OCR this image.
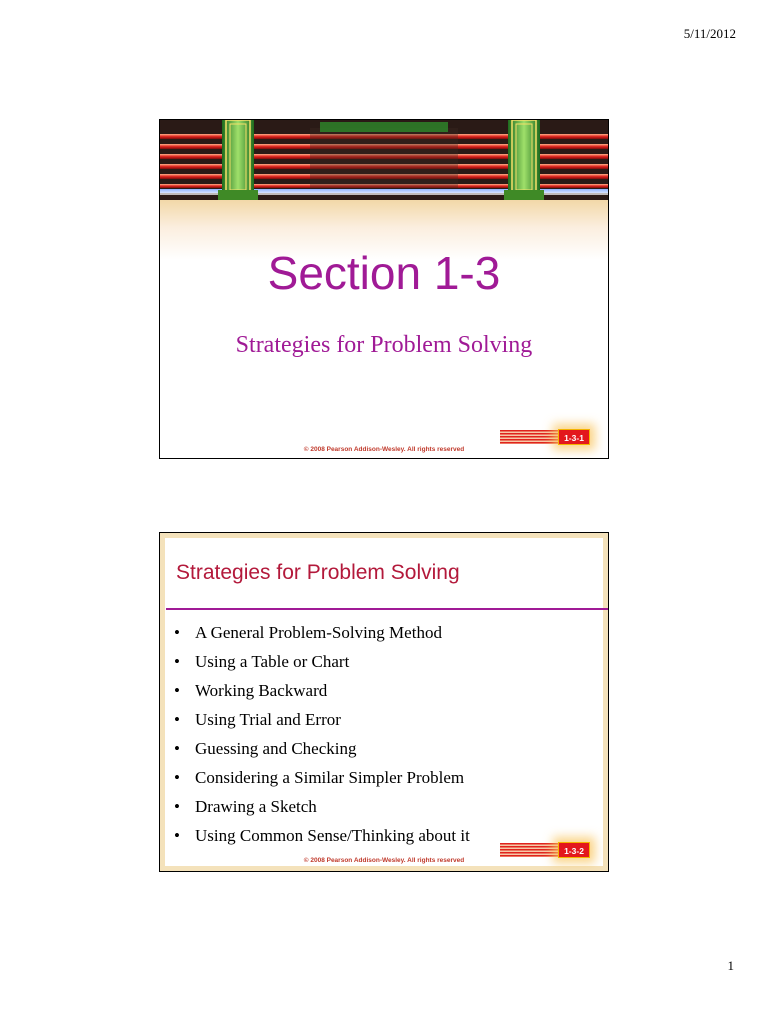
5/11/2012
Section 1-3
Strategies for Problem Solving
1-3-1
© 2008 Pearson Addison-Wesley. All rights reserved
Strategies for Problem Solving
• A General Problem-Solving Method
• Using a Table or Chart
• Working Backward
• Using Trial and Error
• Guessing and Checking
• Considering a Similar Simpler Problem
• Drawing a Sketch
• Using Common Sense/Thinking about it
1-3-2
© 2008 Pearson Addison-Wesley. All rights reserved
1
